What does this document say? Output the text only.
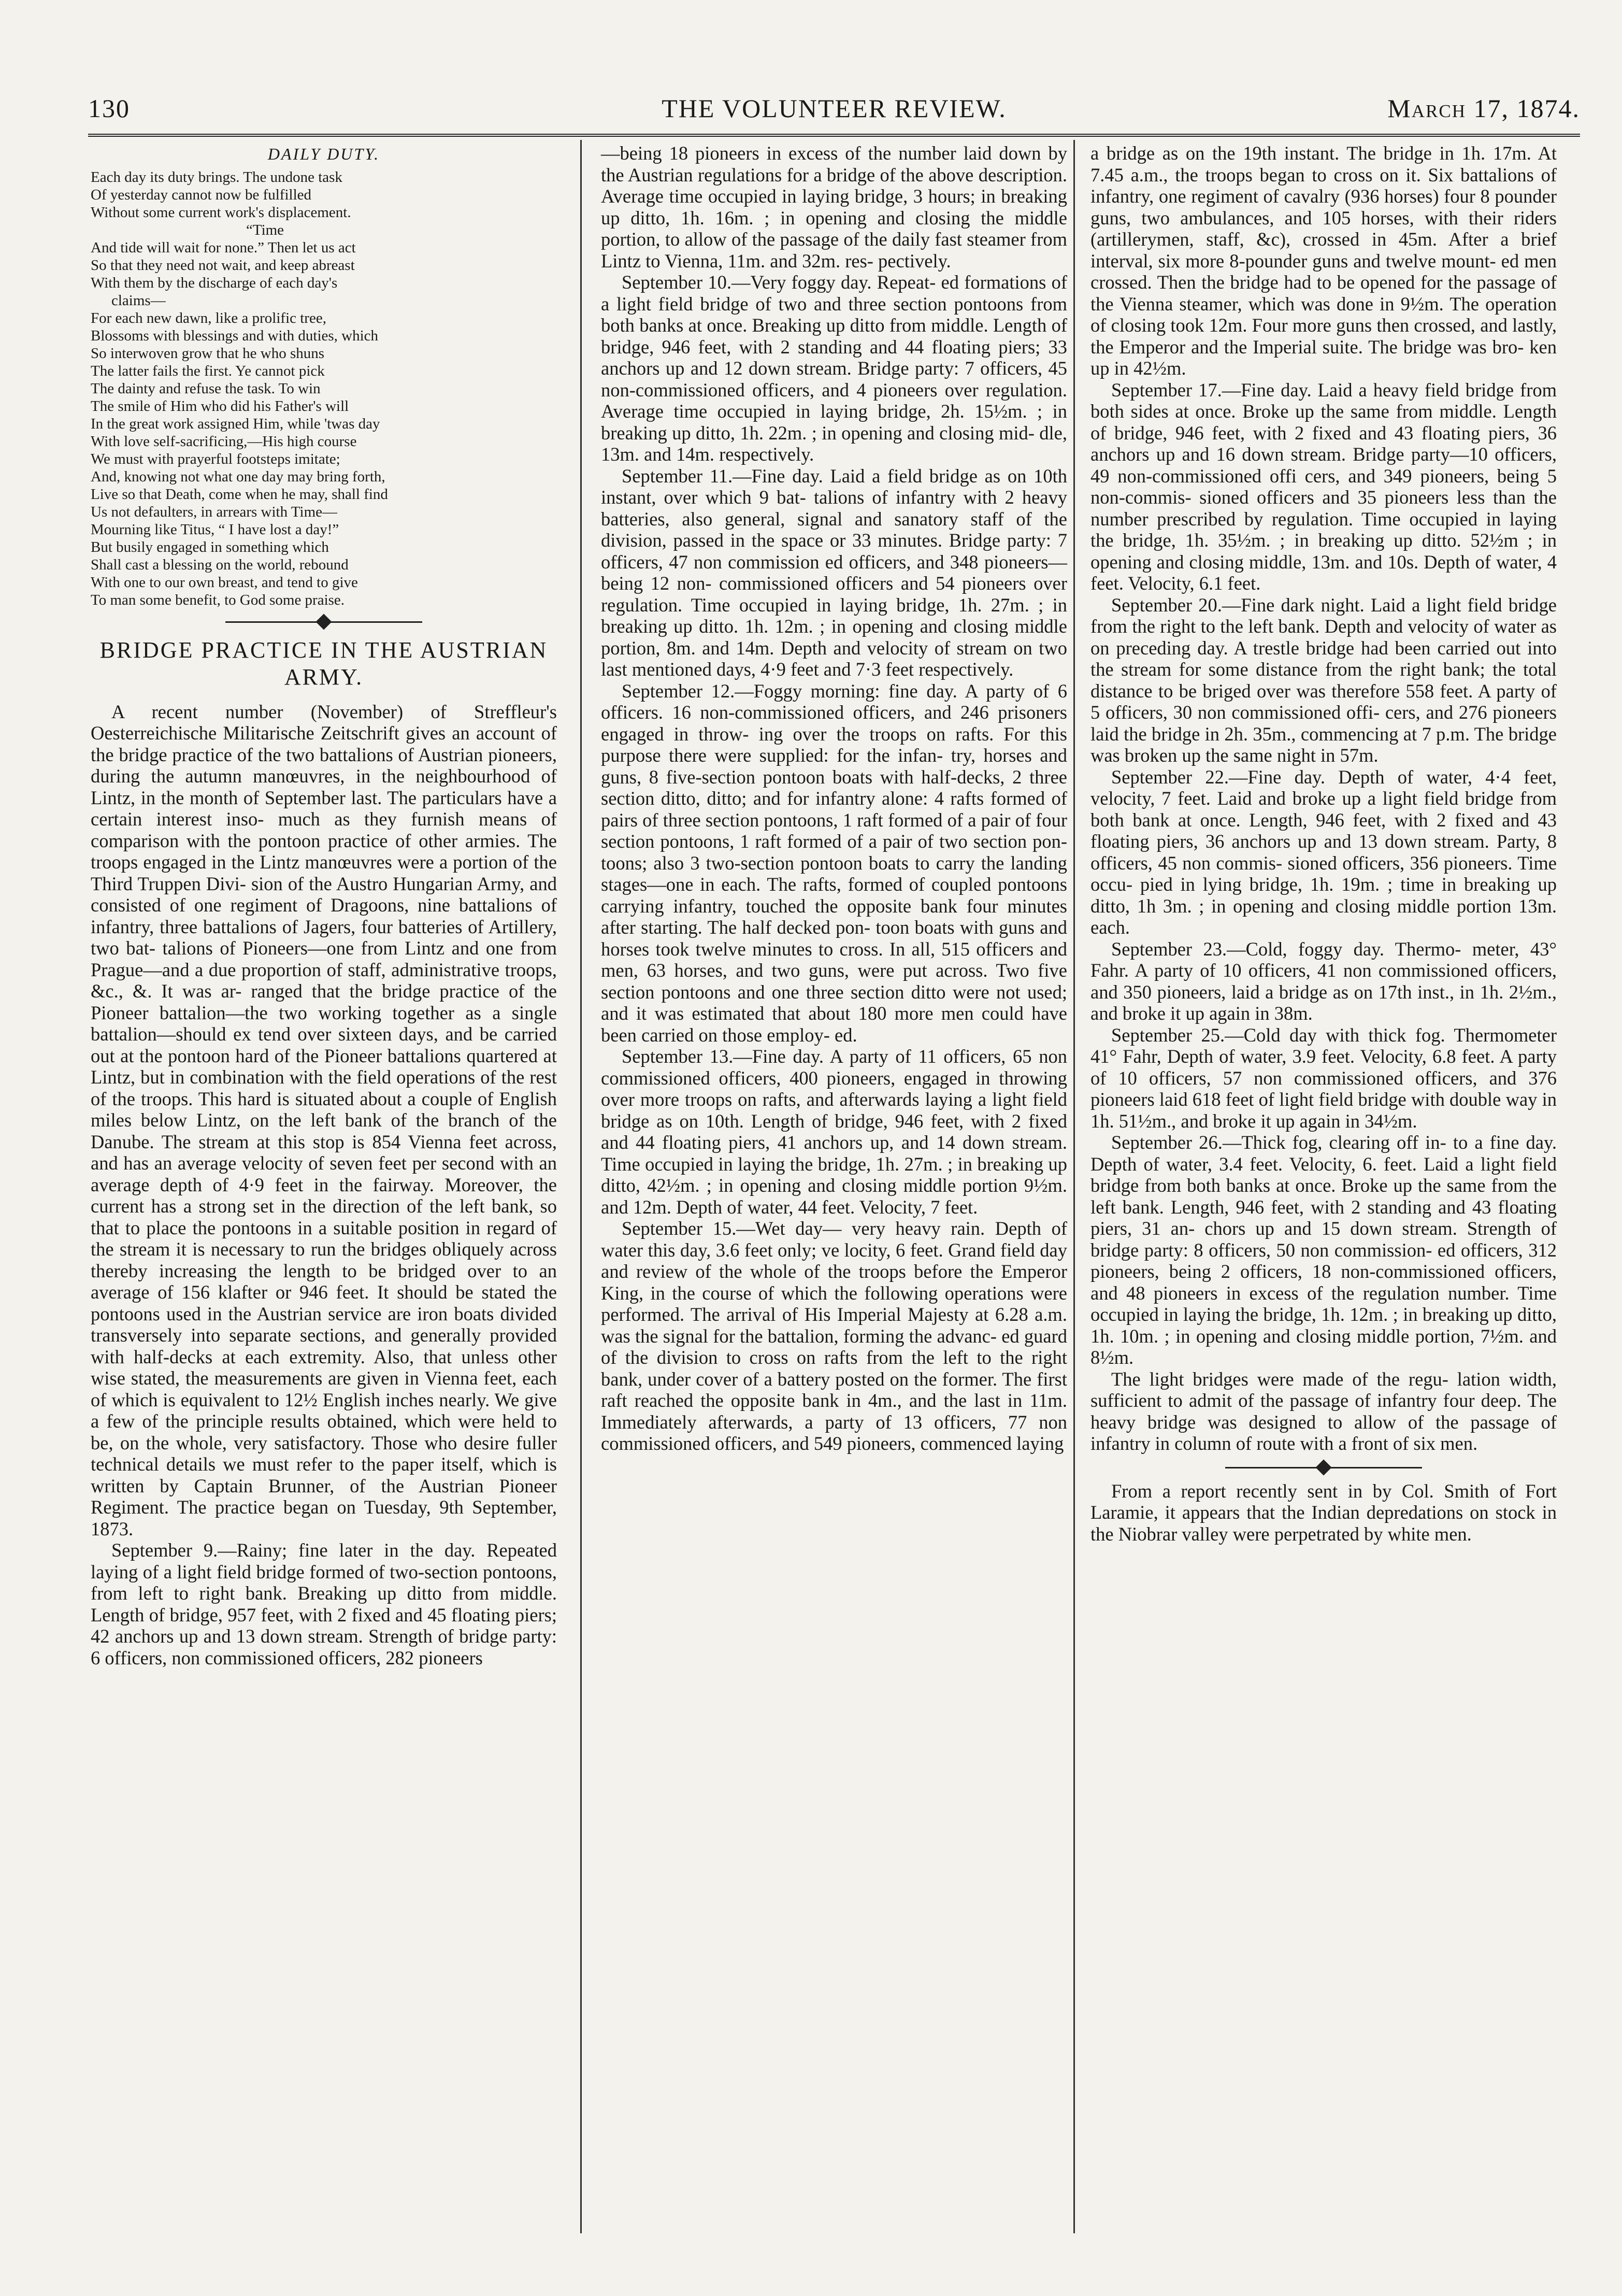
130	THE VOLUNTEER REVIEW.	March 17, 1874.
DAILY DUTY.
Each day its duty brings. The undone task
Of yesterday cannot now be fulfilled
Without some current work's displacement.
“Time
And tide will wait for none.” Then let us act
So that they need not wait, and keep abreast
With them by the discharge of each day's
claims—
For each new dawn, like a prolific tree,
Blossoms with blessings and with duties, which
So interwoven grow that he who shuns
The latter fails the first. Ye cannot pick
The dainty and refuse the task. To win
The smile of Him who did his Father's will
In the great work assigned Him, while 'twas day
With love self-sacrificing,—His high course
We must with prayerful footsteps imitate;
And, knowing not what one day may bring forth,
Live so that Death, come when he may, shall find
Us not defaulters, in arrears with Time—
Mourning like Titus, “ I have lost a day!”
But busily engaged in something which
Shall cast a blessing on the world, rebound
With one to our own breast, and tend to give
To man some benefit, to God some praise.
BRIDGE PRACTICE IN THE AUSTRIAN ARMY.

A recent number (November) of Streffleur's Oesterreichische Militarische Zeitschrift gives an account of the bridge practice of the two battalions of Austrian pioneers, during the autumn manœuvres, in the neighbourhood of Lintz, in the month of September last. The particulars have a certain interest inso- much as they furnish means of comparison with the pontoon practice of other armies. The troops engaged in the Lintz manœuvres were a portion of the Third Truppen Divi- sion of the Austro Hungarian Army, and consisted of one regiment of Dragoons, nine battalions of infantry, three battalions of Jagers, four batteries of Artillery, two bat- talions of Pioneers—one from Lintz and one from Prague—and a due proportion of staff, administrative troops, &c., &. It was ar- ranged that the bridge practice of the Pioneer battalion—the two working together as a single battalion—should ex tend over sixteen days, and be carried out at the pontoon hard of the Pioneer battalions quartered at Lintz, but in combination with the field operations of the rest of the troops. This hard is situated about a couple of English miles below Lintz, on the left bank of the branch of the Danube. The stream at this stop is 854 Vienna feet across, and has an average velocity of seven feet per second with an average depth of 4·9 feet in the fairway. Moreover, the current has a strong set in the direction of the left bank, so that to place the pontoons in a suitable position in regard of the stream it is necessary to run the bridges obliquely across thereby increasing the length to be bridged over to an average of 156 klafter or 946 feet. It should be stated the pontoons used in the Austrian service are iron boats divided transversely into separate sections, and generally provided with half-decks at each extremity. Also, that unless other wise stated, the measurements are given in Vienna feet, each of which is equivalent to 12½ English inches nearly. We give a few of the principle results obtained, which were held to be, on the whole, very satisfactory. Those who desire fuller technical details we must refer to the paper itself, which is written by Captain Brunner, of the Austrian Pioneer Regiment. The practice began on Tuesday, 9th September, 1873.

September 9.—Rainy; fine later in the day. Repeated laying of a light field bridge formed of two-section pontoons, from left to right bank. Breaking up ditto from middle. Length of bridge, 957 feet, with 2 fixed and 45 floating piers; 42 anchors up and 13 down stream. Strength of bridge party: 6 officers, non commissioned officers, 282 pioneers

—being 18 pioneers in excess of the number laid down by the Austrian regulations for a bridge of the above description. Average time occupied in laying bridge, 3 hours; in breaking up ditto, 1h. 16m. ; in opening and closing the middle portion, to allow of the passage of the daily fast steamer from Lintz to Vienna, 11m. and 32m. res- pectively.

September 10.—Very foggy day. Repeat- ed formations of a light field bridge of two and three section pontoons from both banks at once. Breaking up ditto from middle. Length of bridge, 946 feet, with 2 standing and 44 floating piers; 33 anchors up and 12 down stream. Bridge party: 7 officers, 45 non-commissioned officers, and 4 pioneers over regulation. Average time occupied in laying bridge, 2h. 15½m. ; in breaking up ditto, 1h. 22m. ; in opening and closing mid- dle, 13m. and 14m. respectively.

September 11.—Fine day. Laid a field bridge as on 10th instant, over which 9 bat- talions of infantry with 2 heavy batteries, also general, signal and sanatory staff of the division, passed in the space or 33 minutes. Bridge party: 7 officers, 47 non commission ed officers, and 348 pioneers—being 12 non- commissioned officers and 54 pioneers over regulation. Time occupied in laying bridge, 1h. 27m. ; in breaking up ditto. 1h. 12m. ; in opening and closing middle portion, 8m. and 14m. Depth and velocity of stream on two last mentioned days, 4·9 feet and 7·3 feet respectively.

September 12.—Foggy morning: fine day. A party of 6 officers. 16 non-commissioned officers, and 246 prisoners engaged in throw- ing over the troops on rafts. For this purpose there were supplied: for the infan- try, horses and guns, 8 five-section pontoon boats with half-decks, 2 three section ditto, ditto; and for infantry alone: 4 rafts formed of pairs of three section pontoons, 1 raft formed of a pair of four section pontoons, 1 raft formed of a pair of two section pon- toons; also 3 two-section pontoon boats to carry the landing stages—one in each. The rafts, formed of coupled pontoons carrying infantry, touched the opposite bank four minutes after starting. The half decked pon- toon boats with guns and horses took twelve minutes to cross. In all, 515 officers and men, 63 horses, and two guns, were put across. Two five section pontoons and one three section ditto were not used; and it was estimated that about 180 more men could have been carried on those employ- ed.

September 13.—Fine day. A party of 11 officers, 65 non commissioned officers, 400 pioneers, engaged in throwing over more troops on rafts, and afterwards laying a light field bridge as on 10th. Length of bridge, 946 feet, with 2 fixed and 44 floating piers, 41 anchors up, and 14 down stream. Time occupied in laying the bridge, 1h. 27m. ; in breaking up ditto, 42½m. ; in opening and closing middle portion 9½m. and 12m. Depth of water, 44 feet. Velocity, 7 feet.

September 15.—Wet day— very heavy rain. Depth of water this day, 3.6 feet only; ve locity, 6 feet. Grand field day and review of the whole of the troops before the Emperor King, in the course of which the following operations were performed. The arrival of His Imperial Majesty at 6.28 a.m. was the signal for the battalion, forming the advanc- ed guard of the division to cross on rafts from the left to the right bank, under cover of a battery posted on the former. The first raft reached the opposite bank in 4m., and the last in 11m. Immediately afterwards, a party of 13 officers, 77 non commissioned officers, and 549 pioneers, commenced laying

a bridge as on the 19th instant. The bridge in 1h. 17m. At 7.45 a.m., the troops began to cross on it. Six battalions of infantry, one regiment of cavalry (936 horses) four 8 pounder guns, two ambulances, and 105 horses, with their riders (artillerymen, staff, &c), crossed in 45m. After a brief interval, six more 8-pounder guns and twelve mount- ed men crossed. Then the bridge had to be opened for the passage of the Vienna steamer, which was done in 9½m. The operation of closing took 12m. Four more guns then crossed, and lastly, the Emperor and the Imperial suite. The bridge was bro- ken up in 42½m.

September 17.—Fine day. Laid a heavy field bridge from both sides at once. Broke up the same from middle. Length of bridge, 946 feet, with 2 fixed and 43 floating piers, 36 anchors up and 16 down stream. Bridge party—10 officers, 49 non-commissioned offi cers, and 349 pioneers, being 5 non-commis- sioned officers and 35 pioneers less than the number prescribed by regulation. Time occupied in laying the bridge, 1h. 35½m. ; in breaking up ditto. 52½m ; in opening and closing middle, 13m. and 10s. Depth of water, 4 feet. Velocity, 6.1 feet.

September 20.—Fine dark night. Laid a light field bridge from the right to the left bank. Depth and velocity of water as on preceding day. A trestle bridge had been carried out into the stream for some distance from the right bank; the total distance to be briged over was therefore 558 feet. A party of 5 officers, 30 non commissioned offi- cers, and 276 pioneers laid the bridge in 2h. 35m., commencing at 7 p.m. The bridge was broken up the same night in 57m.

September 22.—Fine day. Depth of water, 4·4 feet, velocity, 7 feet. Laid and broke up a light field bridge from both bank at once. Length, 946 feet, with 2 fixed and 43 floating piers, 36 anchors up and 13 down stream. Party, 8 officers, 45 non commis- sioned officers, 356 pioneers. Time occu- pied in lying bridge, 1h. 19m. ; time in breaking up ditto, 1h 3m. ; in opening and closing middle portion 13m. each.

September 23.—Cold, foggy day. Thermo- meter, 43° Fahr. A party of 10 officers, 41 non commissioned officers, and 350 pioneers, laid a bridge as on 17th inst., in 1h. 2½m., and broke it up again in 38m.

September 25.—Cold day with thick fog. Thermometer 41° Fahr, Depth of water, 3.9 feet. Velocity, 6.8 feet. A party of 10 officers, 57 non commissioned officers, and 376 pioneers laid 618 feet of light field bridge with double way in 1h. 51½m., and broke it up again in 34½m.

September 26.—Thick fog, clearing off in- to a fine day. Depth of water, 3.4 feet. Velocity, 6. feet. Laid a light field bridge from both banks at once. Broke up the same from the left bank. Length, 946 feet, with 2 standing and 43 floating piers, 31 an- chors up and 15 down stream. Strength of bridge party: 8 officers, 50 non commission- ed officers, 312 pioneers, being 2 officers, 18 non-commissioned officers, and 48 pioneers in excess of the regulation number. Time occupied in laying the bridge, 1h. 12m. ; in breaking up ditto, 1h. 10m. ; in opening and closing middle portion, 7½m. and 8½m.

The light bridges were made of the regu- lation width, sufficient to admit of the passage of infantry four deep. The heavy bridge was designed to allow of the passage of infantry in column of route with a front of six men.

From a report recently sent in by Col. Smith of Fort Laramie, it appears that the Indian depredations on stock in the Niobrar valley were perpetrated by white men.
